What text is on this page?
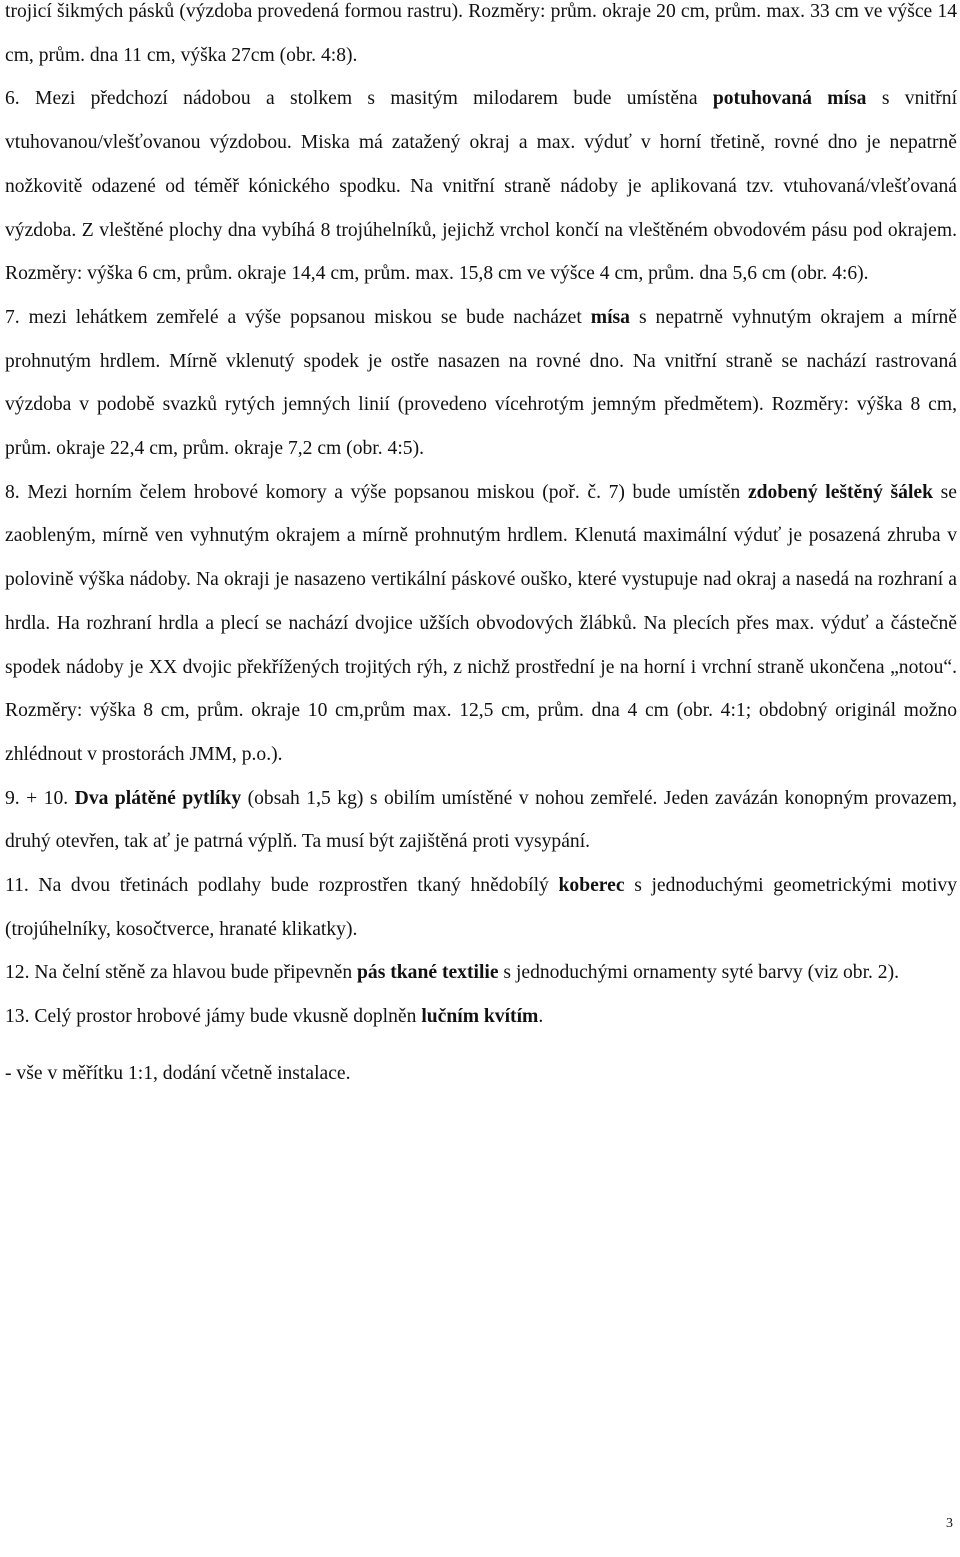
trojicí šikmých pásků (výzdoba provedená formou rastru). Rozměry: prům. okraje 20 cm, prům. max. 33 cm ve výšce 14 cm, prům. dna 11 cm, výška 27cm (obr. 4:8).

6. Mezi předchozí nádobou a stolkem s masitým milodarem bude umístěna potuhovaná mísa s vnitřní vtuhovanou/vlešťovanou výzdobou. Miska má zatažený okraj a max. výduť v horní třetině, rovné dno je nepatrně nožkovitě odazené od téměř kónického spodku. Na vnitřní straně nádoby je aplikovaná tzv. vtuhovaná/vlešťovaná výzdoba. Z vleštěné plochy dna vybíhá 8 trojúhelníků, jejichž vrchol končí na vleštěném obvodovém pásu pod okrajem. Rozměry: výška 6 cm, prům. okraje 14,4 cm, prům. max. 15,8 cm ve výšce 4 cm, prům. dna 5,6 cm (obr. 4:6).

7. mezi lehátkem zemřelé a výše popsanou miskou se bude nacházet mísa s nepatrně vyhnutým okrajem a mírně prohnutým hrdlem. Mírně vklenutý spodek je ostře nasazen na rovné dno. Na vnitřní straně se nachází rastrovaná výzdoba v podobě svazků rytých jemných linií (provedeno vícehrotým jemným předmětem). Rozměry: výška 8 cm, prům. okraje 22,4 cm, prům. okraje 7,2 cm (obr. 4:5).

8. Mezi horním čelem hrobové komory a výše popsanou miskou (poř. č. 7) bude umístěn zdobený leštěný šálek se zaobleným, mírně ven vyhnutým okrajem a mírně prohnutým hrdlem. Klenutá maximální výduť je posazená zhruba v polovině výška nádoby. Na okraji je nasazeno vertikální páskové ouško, které vystupuje nad okraj a nasedá na rozhraní a hrdla. Ha rozhraní hrdla a plecí se nachází dvojice užších obvodových žlábků. Na plecích přes max. výduť a částečně spodek nádoby je XX dvojic překřížených trojitých rýh, z nichž prostřední je na horní i vrchní straně ukončena „notou“. Rozměry: výška 8 cm, prům. okraje 10 cm,prům max. 12,5 cm, prům. dna 4 cm (obr. 4:1; obdobný originál možno zhlédnout v prostorách JMM, p.o.).

9. + 10. Dva plátěné pytlíky (obsah 1,5 kg) s obilím umístěné v nohou zemřelé. Jeden zavázán konopným provazem, druhý otevřen, tak ať je patrná výplň. Ta musí být zajištěná proti vysypání.

11. Na dvou třetinách podlahy bude rozprostřen tkaný hnědobílý koberec s jednoduchými geometrickými motivy (trojúhelníky, kosočtverce, hranaté klikatky).

12. Na čelní stěně za hlavou bude připevněn pás tkané textilie s jednoduchými ornamenty syté barvy (viz obr. 2).

13. Celý prostor hrobové jámy bude vkusně doplněn lučním kvítím.

- vše v měřítku 1:1, dodání včetně instalace.

3
